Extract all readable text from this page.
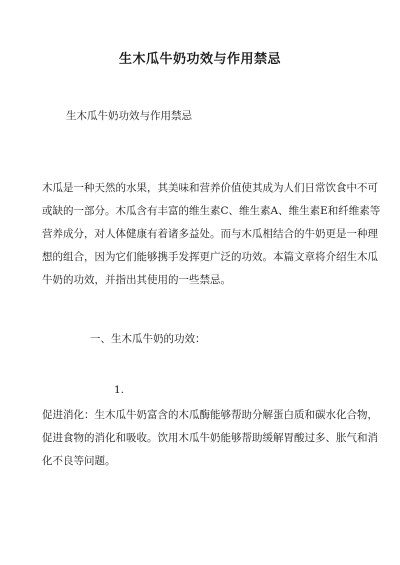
生木瓜牛奶功效与作用禁忌
生木瓜牛奶功效与作用禁忌
木瓜是一种天然的水果，其美味和营养价值使其成为人们日常饮食中不可
或缺的一部分。木瓜含有丰富的维生素C、维生素A、维生素E和纤维素等
营养成分，对人体健康有着诸多益处。而与木瓜相结合的牛奶更是一种理
想的组合，因为它们能够携手发挥更广泛的功效。本篇文章将介绍生木瓜
牛奶的功效，并指出其使用的一些禁忌。
一、生木瓜牛奶的功效：
1.
促进消化：生木瓜牛奶富含的木瓜酶能够帮助分解蛋白质和碳水化合物，
促进食物的消化和吸收。饮用木瓜牛奶能够帮助缓解胃酸过多、胀气和消
化不良等问题。
